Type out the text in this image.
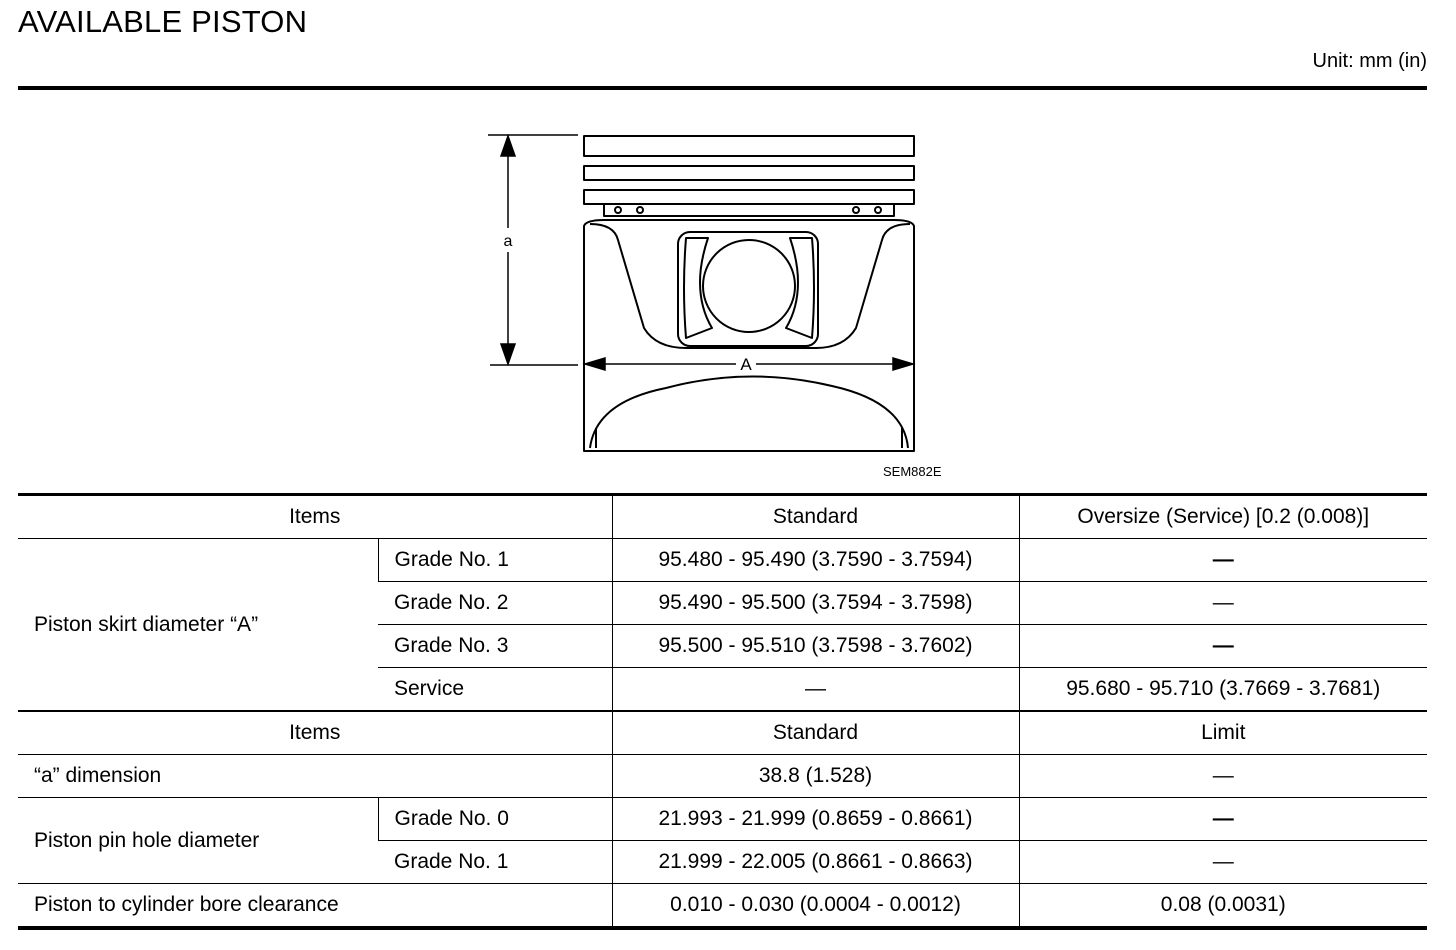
AVAILABLE PISTON
Unit: mm (in)
a
A
SEM882E
Items		Standard	Oversize (Service) [0.2 (0.008)]
Piston skirt diameter “A”	Grade No. 1	95.480 - 95.490 (3.7590 - 3.7594)	—
	Grade No. 2	95.490 - 95.500 (3.7594 - 3.7598)	—
	Grade No. 3	95.500 - 95.510 (3.7598 - 3.7602)	—
	Service	—	95.680 - 95.710 (3.7669 - 3.7681)
Items		Standard	Limit
“a” dimension		38.8 (1.528)	—
Piston pin hole diameter	Grade No. 0	21.993 - 21.999 (0.8659 - 0.8661)	—
	Grade No. 1	21.999 - 22.005 (0.8661 - 0.8663)	—
Piston to cylinder bore clearance		0.010 - 0.030 (0.0004 - 0.0012)	0.08 (0.0031)
